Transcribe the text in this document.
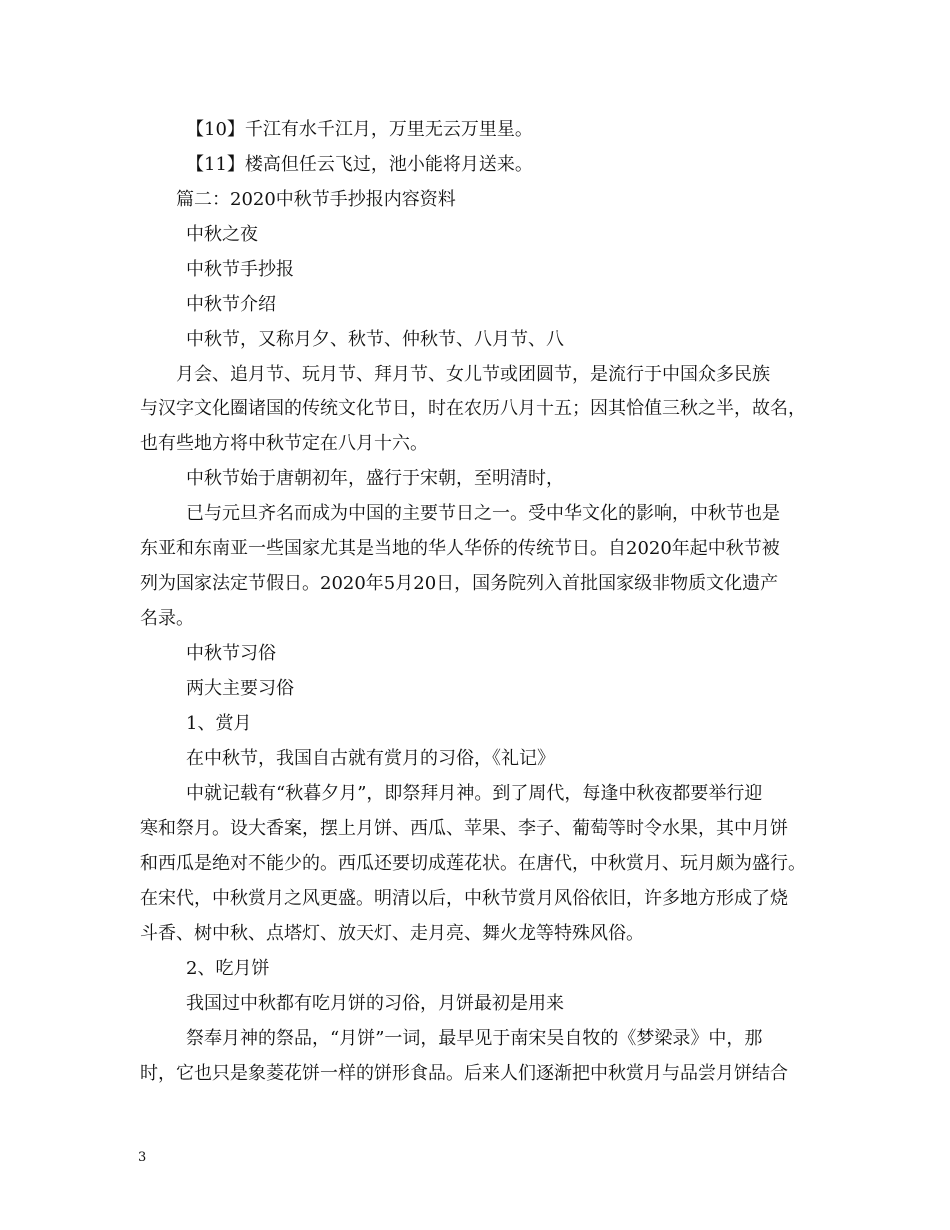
【10】千江有水千江月，万里无云万里星。
【11】楼高但任云飞过，池小能将月送来。
篇二：2020中秋节手抄报内容资料
中秋之夜
中秋节手抄报
中秋节介绍
中秋节，又称月夕、秋节、仲秋节、八月节、八
月会、追月节、玩月节、拜月节、女儿节或团圆节，是流行于中国众多民族
与汉字文化圈诸国的传统文化节日，时在农历八月十五；因其恰值三秋之半，故名，
也有些地方将中秋节定在八月十六。
中秋节始于唐朝初年，盛行于宋朝，至明清时，
已与元旦齐名而成为中国的主要节日之一。受中华文化的影响，中秋节也是
东亚和东南亚一些国家尤其是当地的华人华侨的传统节日。自2020年起中秋节被
列为国家法定节假日。2020年5月20日，国务院列入首批国家级非物质文化遗产
名录。
中秋节习俗
两大主要习俗
1、赏月
在中秋节，我国自古就有赏月的习俗，《礼记》
中就记载有“秋暮夕月”，即祭拜月神。到了周代，每逢中秋夜都要举行迎
寒和祭月。设大香案，摆上月饼、西瓜、苹果、李子、葡萄等时令水果，其中月饼
和西瓜是绝对不能少的。西瓜还要切成莲花状。在唐代，中秋赏月、玩月颇为盛行。
在宋代，中秋赏月之风更盛。明清以后，中秋节赏月风俗依旧，许多地方形成了烧
斗香、树中秋、点塔灯、放天灯、走月亮、舞火龙等特殊风俗。
2、吃月饼
我国过中秋都有吃月饼的习俗，月饼最初是用来
祭奉月神的祭品，“月饼”一词，最早见于南宋吴自牧的《梦梁录》中，那
时，它也只是象菱花饼一样的饼形食品。后来人们逐渐把中秋赏月与品尝月饼结合
3
